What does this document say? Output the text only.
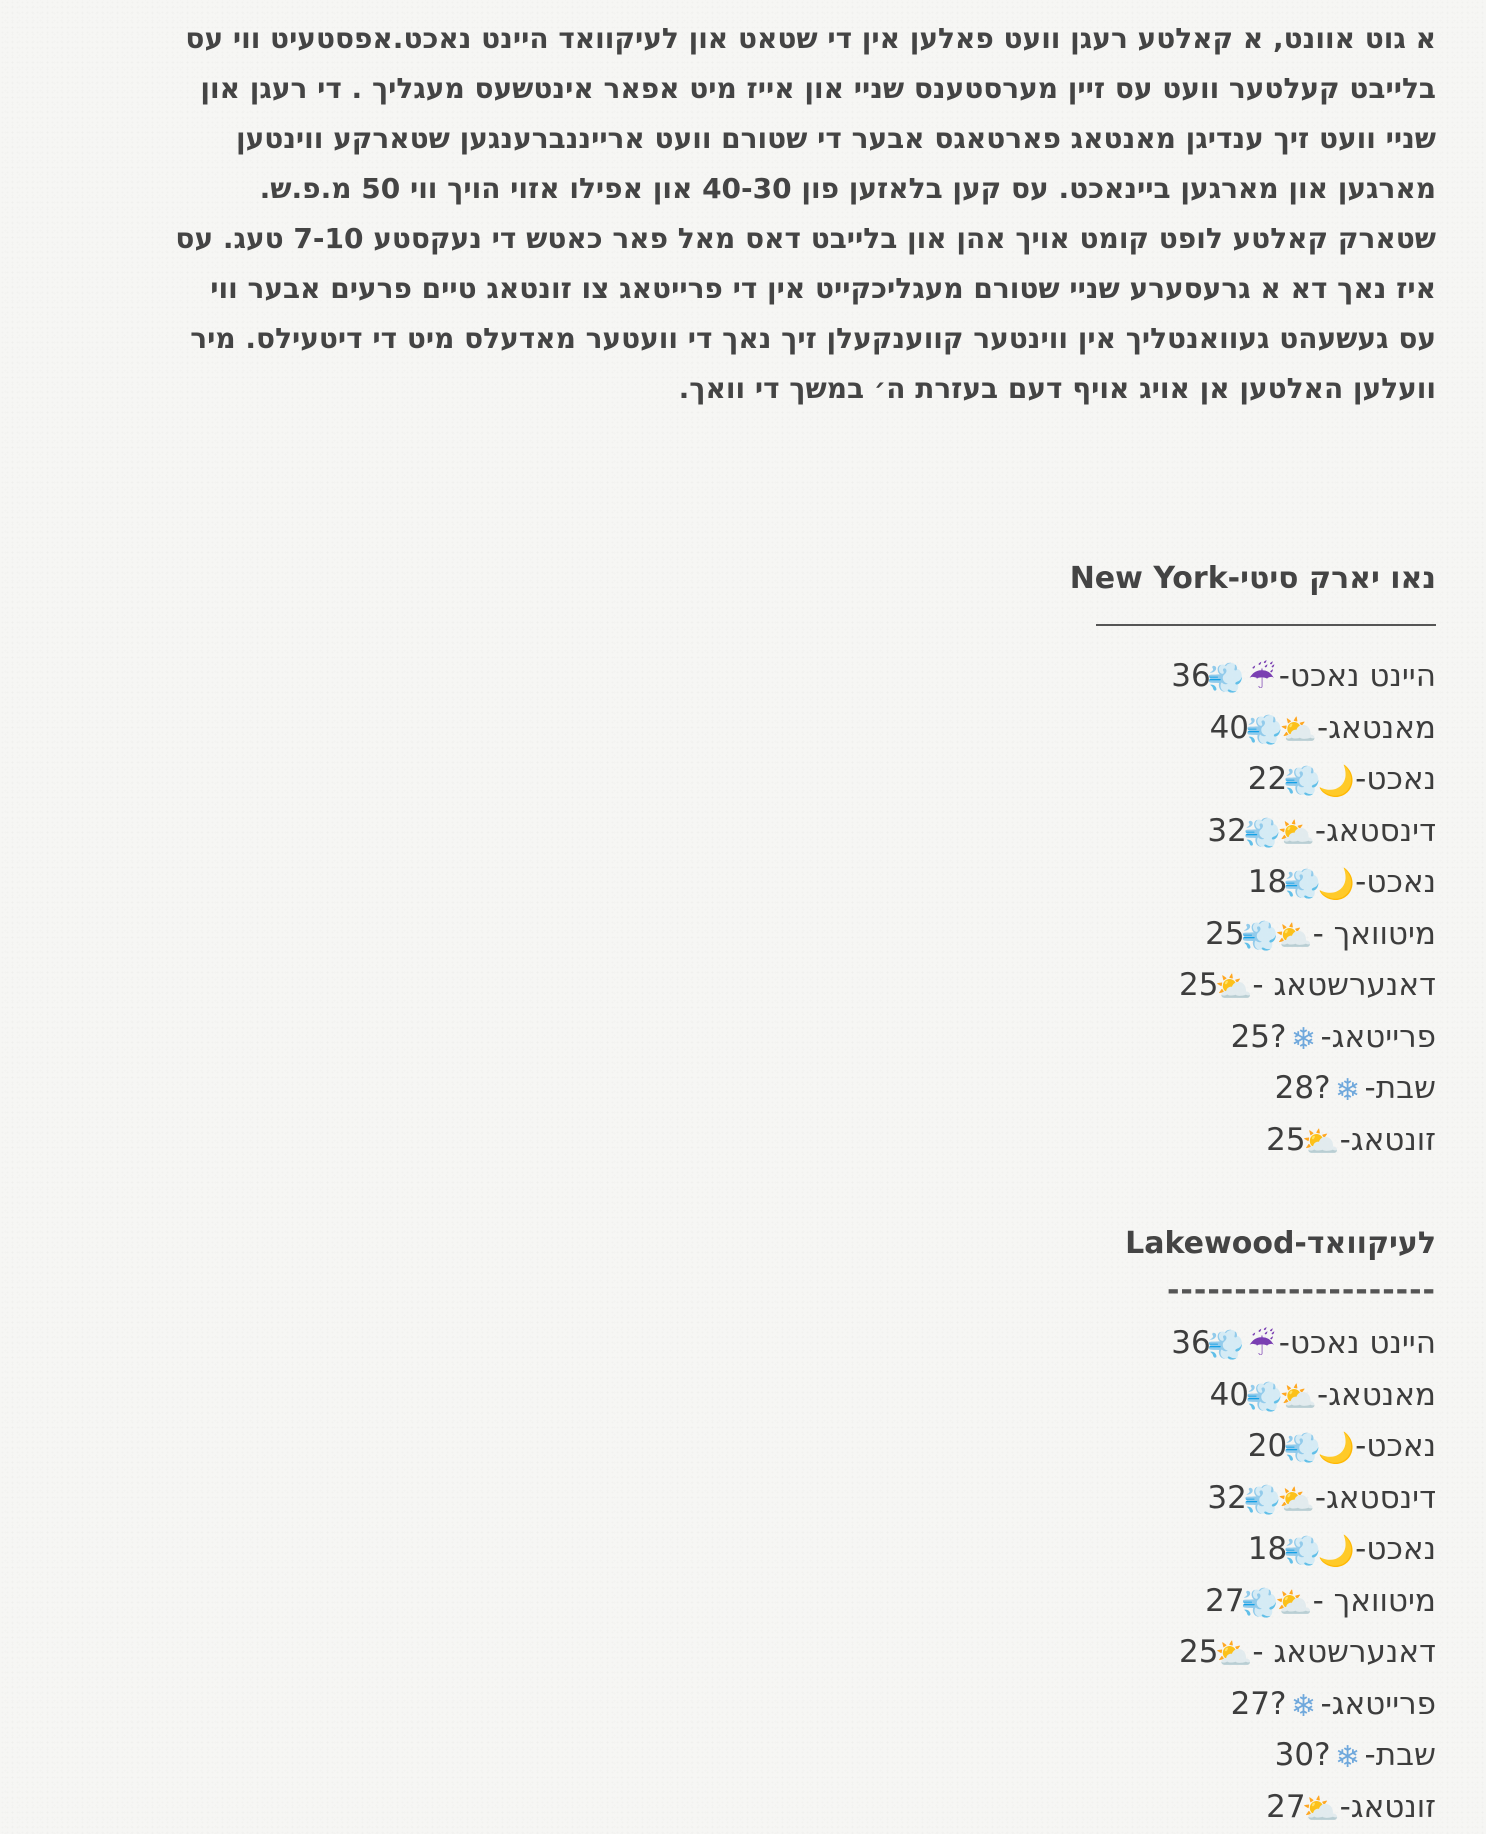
א גוט אוונט, א קאלטע רעגן וועט פאלען אין די שטאט און לעיקוואד היינט נאכט.אפסטעיט ווי עס

בלייבט קעלטער וועט עס זיין מערסטענס שניי און אייז מיט אפאר אינטשעס מעגליך . די רעגן און

שניי וועט זיך ענדיגן מאנטאג פארטאגס אבער די שטורם וועט ארייננברענגען שטארקע ווינטען

מארגען און מארגען ביינאכט. עס קען בלאזען פון 40-30 און אפילו אזוי הויך ווי 50 מ.פ.ש.

שטארק קאלטע לופט קומט אויך אהן און בלייבט דאס מאל פאר כאטש די נעקסטע 7-10 טעג. עס

איז נאך דא א גרעסערע שניי שטורם מעגליכקייט אין די פרייטאג צו זונטאג טיים פרעים אבער ווי

עס געשעהט געוואנטליך אין ווינטער קווענקעלן זיך נאך די וועטער מאדעלס מיט די דיטעילס. מיר

וועלען האלטען אן אויג אויף דעם בעזרת ה׳ במשך די וואך.

נאו יארק סיטי-New York
היינט נאכט-☔💨36
מאנטאג-⛅💨40
נאכט-🌙💨22
דינסטאג-⛅💨32
נאכט-🌙💨18
מיטוואך -⛅💨25
דאנערשטאג -⛅25
פרייטאג-❄25?
שבת-❄28?
זונטאג-⛅25
לעיקוואד-Lakewood
--------------------
היינט נאכט-☔💨36
מאנטאג-⛅💨40
נאכט-🌙💨20
דינסטאג-⛅💨32
נאכט-🌙💨18
מיטוואך -⛅💨27
דאנערשטאג -⛅25
פרייטאג-❄27?
שבת-❄30?
זונטאג-⛅27
